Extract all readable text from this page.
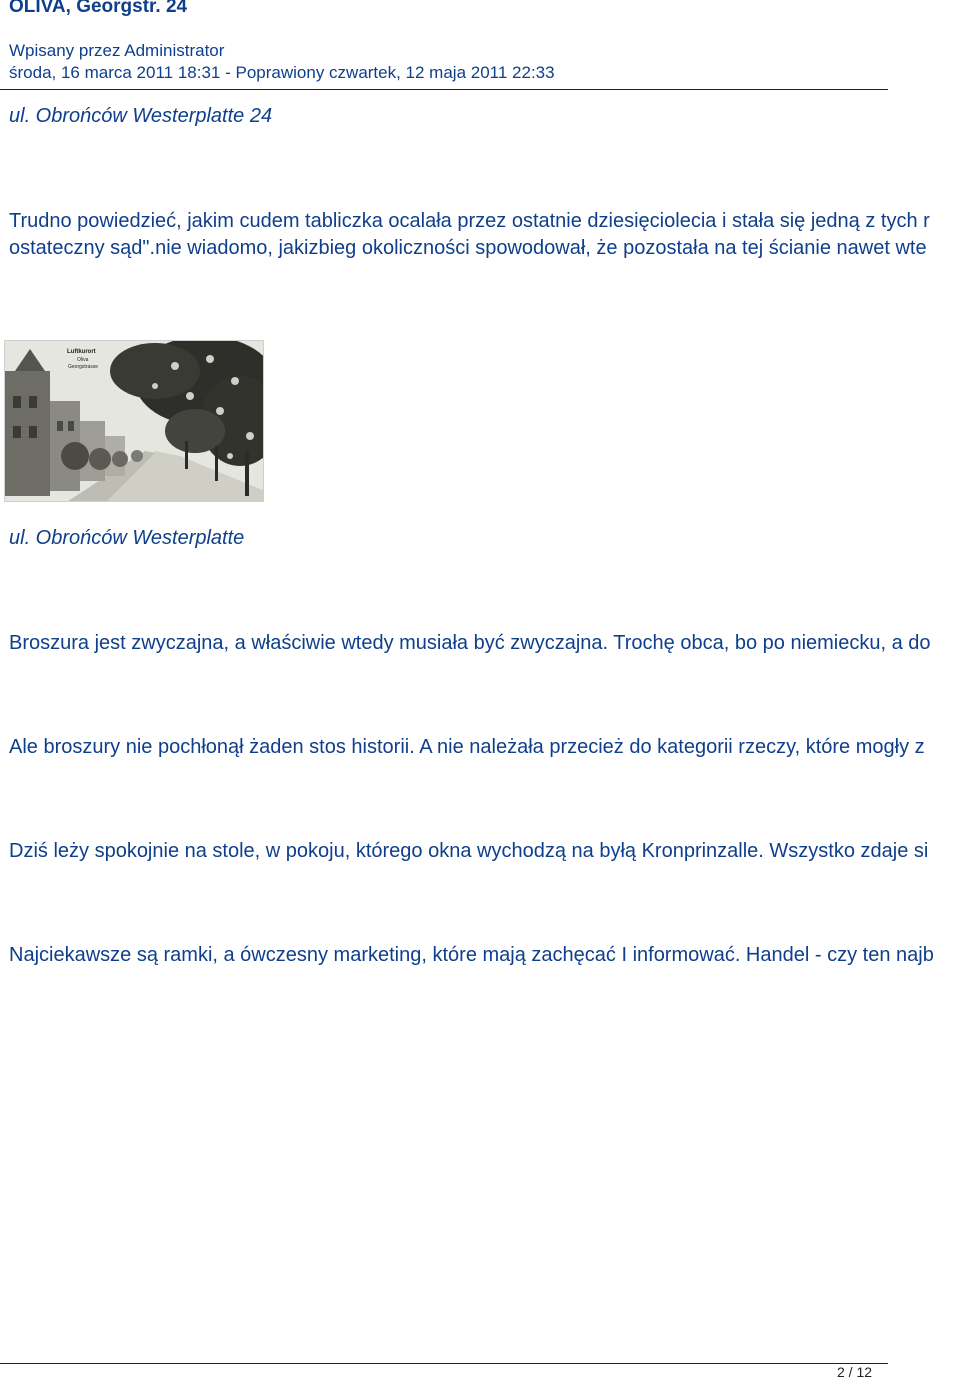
OLIVA, Georgstr. 24
Wpisany przez Administrator
środa, 16 marca 2011 18:31 - Poprawiony czwartek, 12 maja 2011 22:33
ul. Obrońców Westerplatte 24
Trudno powiedzieć, jakim cudem tabliczka ocalała przez ostatnie dziesięciolecia i stała się jedną z tych r
ostateczny sąd".nie wiadomo, jakizbieg okoliczności spowodował, że pozostała na tej ścianie nawet wte
Luftkurort
Oliva
Georgstrasse
ul. Obrońców Westerplatte
Broszura jest zwyczajna, a właściwie wtedy musiała być zwyczajna. Trochę obca, bo po niemiecku, a do
Ale broszury nie pochłonął żaden stos historii. A nie należała przecież do kategorii rzeczy, które mogły z
Dziś leży spokojnie na stole, w pokoju, którego okna wychodzą na byłą Kronprinzalle. Wszystko zdaje si
Najciekawsze są ramki, a ówczesny marketing, które mają zachęcać I informować. Handel - czy ten najb
2 / 12
